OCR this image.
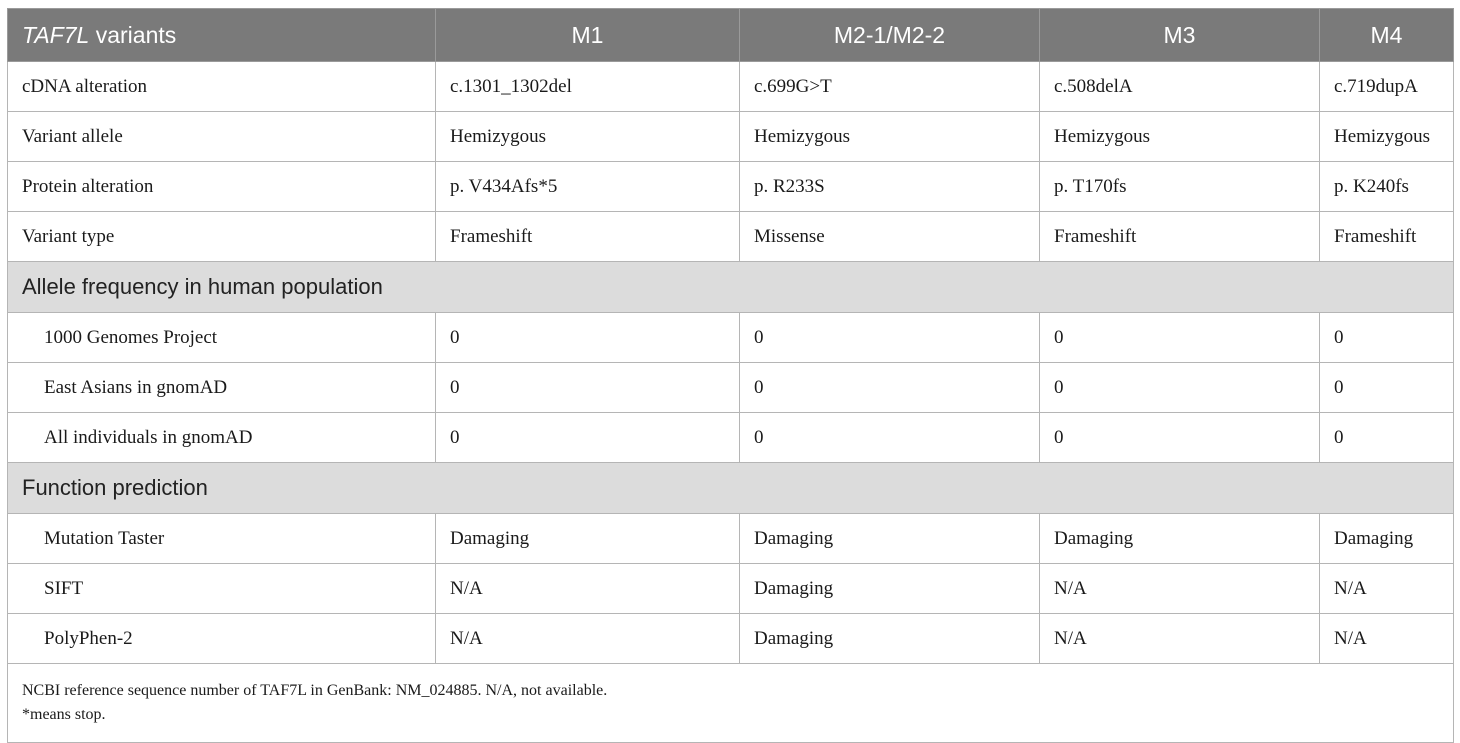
TAF7L variants	M1	M2-1/M2-2	M3	M4
cDNA alteration	c.1301_1302del	c.699G>T	c.508delA	c.719dupA
Variant allele	Hemizygous	Hemizygous	Hemizygous	Hemizygous
Protein alteration	p. V434Afs*5	p. R233S	p. T170fs	p. K240fs
Variant type	Frameshift	Missense	Frameshift	Frameshift
Allele frequency in human population				
1000 Genomes Project	0	0	0	0
East Asians in gnomAD	0	0	0	0
All individuals in gnomAD	0	0	0	0
Function prediction				
Mutation Taster	Damaging	Damaging	Damaging	Damaging
SIFT	N/A	Damaging	N/A	N/A
PolyPhen-2	N/A	Damaging	N/A	N/A

NCBI reference sequence number of TAF7L in GenBank: NM_024885. N/A, not available.
*means stop.				
